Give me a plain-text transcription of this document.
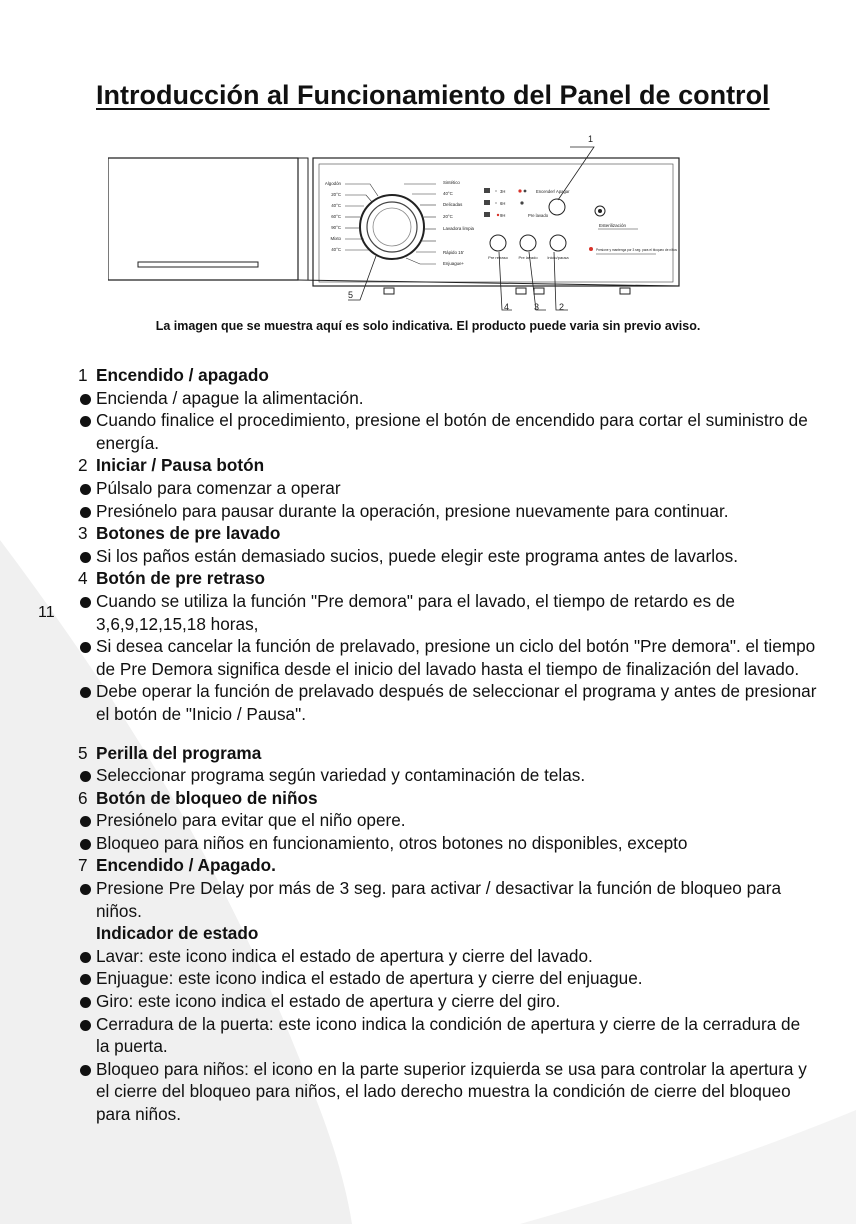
Introducción al Funcionamiento del Panel de control
Algodón
20°C
40°C
60°C
90°C
Mixto
40°C
Sintético
40°C
Delicadas
20°C
Lavadora limpia
Rápido 15'
Enjuague+
3H
6H
9H	Pre lavado
Encender/ Apagar
Pre retraso	Pre lavado Inicio/pausa
Esterilización
Presione y mantenga por 3 seg. para el bloqueo de niños
1
2
3
4
5

La imagen que se muestra aquí es solo indicativa. El producto puede varia sin previo aviso.

11
1 Encendido / apagado
Encienda / apague la alimentación.
Cuando finalice el procedimiento, presione el botón de encendido para cortar el suministro de energía.
2 Iniciar / Pausa botón
Púlsalo para comenzar a operar
Presiónelo para pausar durante la operación, presione nuevamente para continuar.
3 Botones de pre lavado
Si los paños están demasiado sucios, puede elegir este programa antes de lavarlos.
4 Botón de pre retraso
Cuando se utiliza la función "Pre demora" para el lavado, el tiempo de retardo es de 3,6,9,12,15,18 horas,
Si desea cancelar la función de prelavado, presione un ciclo del botón "Pre demora". el tiempo de Pre Demora significa desde el inicio del lavado hasta el tiempo de finalización del lavado.
Debe operar la función de prelavado después de seleccionar el programa y antes de presionar el botón de "Inicio / Pausa".
5 Perilla del programa
Seleccionar programa según variedad y contaminación de telas.
6 Botón de bloqueo de niños
Presiónelo para evitar que el niño opere.
Bloqueo para niños en funcionamiento, otros botones no disponibles, excepto
7 Encendido / Apagado.
Presione Pre Delay por más de 3 seg. para activar / desactivar la función de bloqueo para niños.
Indicador de estado
Lavar: este icono indica el estado de apertura y cierre del lavado.
Enjuague: este icono indica el estado de apertura y cierre del enjuague.
Giro: este icono indica el estado de apertura y cierre del giro.
Cerradura de la puerta: este icono indica la condición de apertura y cierre de la cerradura de la puerta.
Bloqueo para niños: el icono en la parte superior izquierda se usa para controlar la apertura y el cierre del bloqueo para niños, el lado derecho muestra la condición de cierre del bloqueo para niños.
